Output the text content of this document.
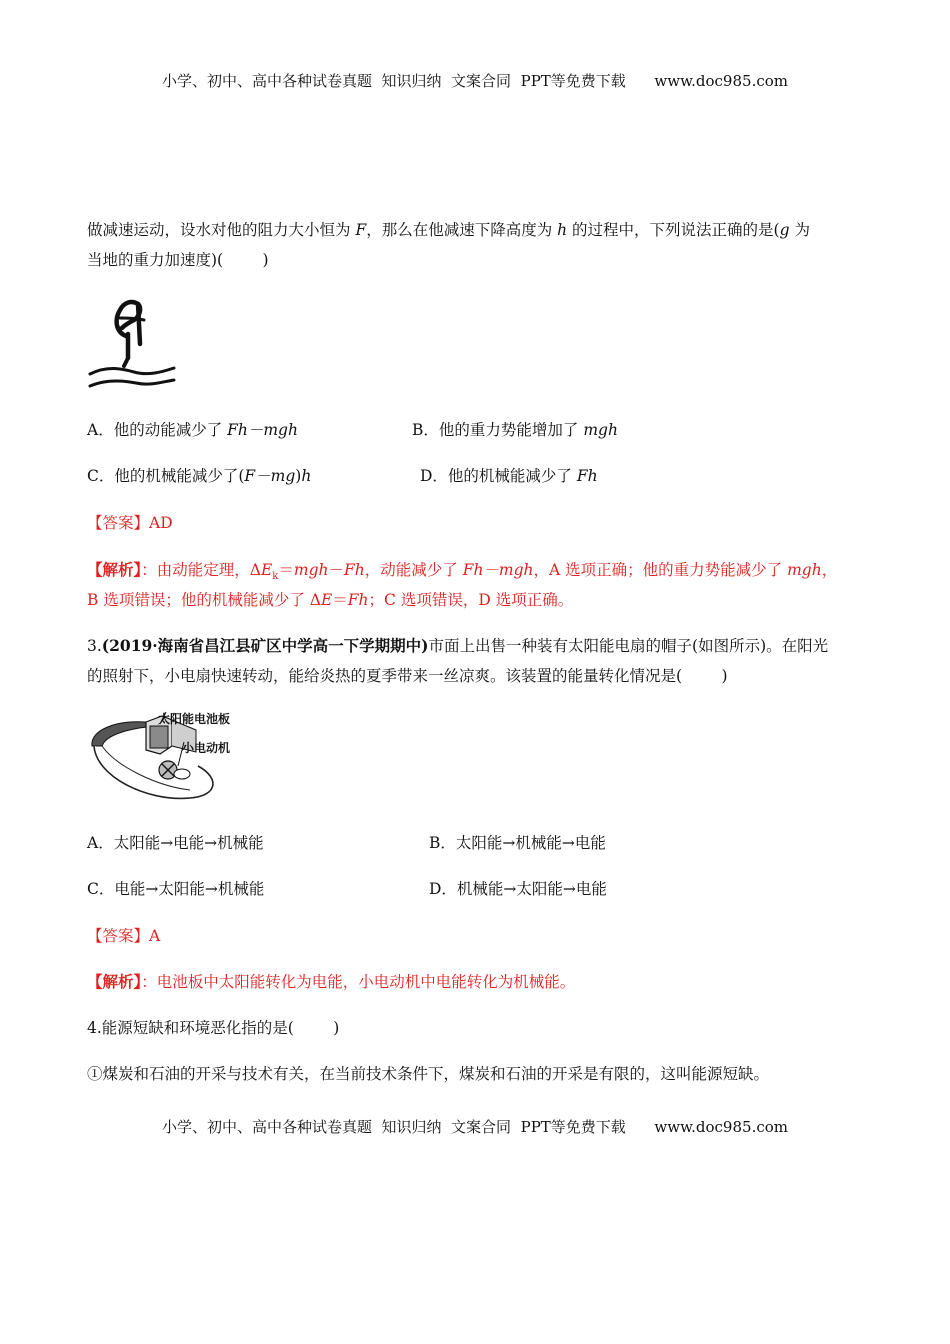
小学、初中、高中各种试卷真题  知识归纳  文案合同  PPT等免费下载      www.doc985.com
做减速运动，设水对他的阻力大小恒为 F，那么在他减速下降高度为 h 的过程中，下列说法正确的是(g 为
当地的重力加速度)(        )
A．他的动能减少了 Fh－mgh	B．他的重力势能增加了 mgh
C．他的机械能减少了(F－mg)h	D．他的机械能减少了 Fh
【答案】AD
【解析】：由动能定理，$\Delta E_k=mgh-Fh$，动能减少了 Fh－mgh，A 选项正确；他的重力势能减少了 mgh，
B 选项错误；他的机械能减少了 ΔE＝Fh；C 选项错误，D 选项正确。
3.(2019·海南省昌江县矿区中学高一下学期期中)市面上出售一种装有太阳能电扇的帽子(如图所示)。在阳光
的照射下，小电扇快速转动，能给炎热的夏季带来一丝凉爽。该装置的能量转化情况是(        )
太阳能电池板
小电动机
A．太阳能→电能→机械能	B．太阳能→机械能→电能
C．电能→太阳能→机械能	D．机械能→太阳能→电能
【答案】A
【解析】：电池板中太阳能转化为电能，小电动机中电能转化为机械能。
4.能源短缺和环境恶化指的是(        )
①煤炭和石油的开采与技术有关，在当前技术条件下，煤炭和石油的开采是有限的，这叫能源短缺。
小学、初中、高中各种试卷真题  知识归纳  文案合同  PPT等免费下载      www.doc985.com
